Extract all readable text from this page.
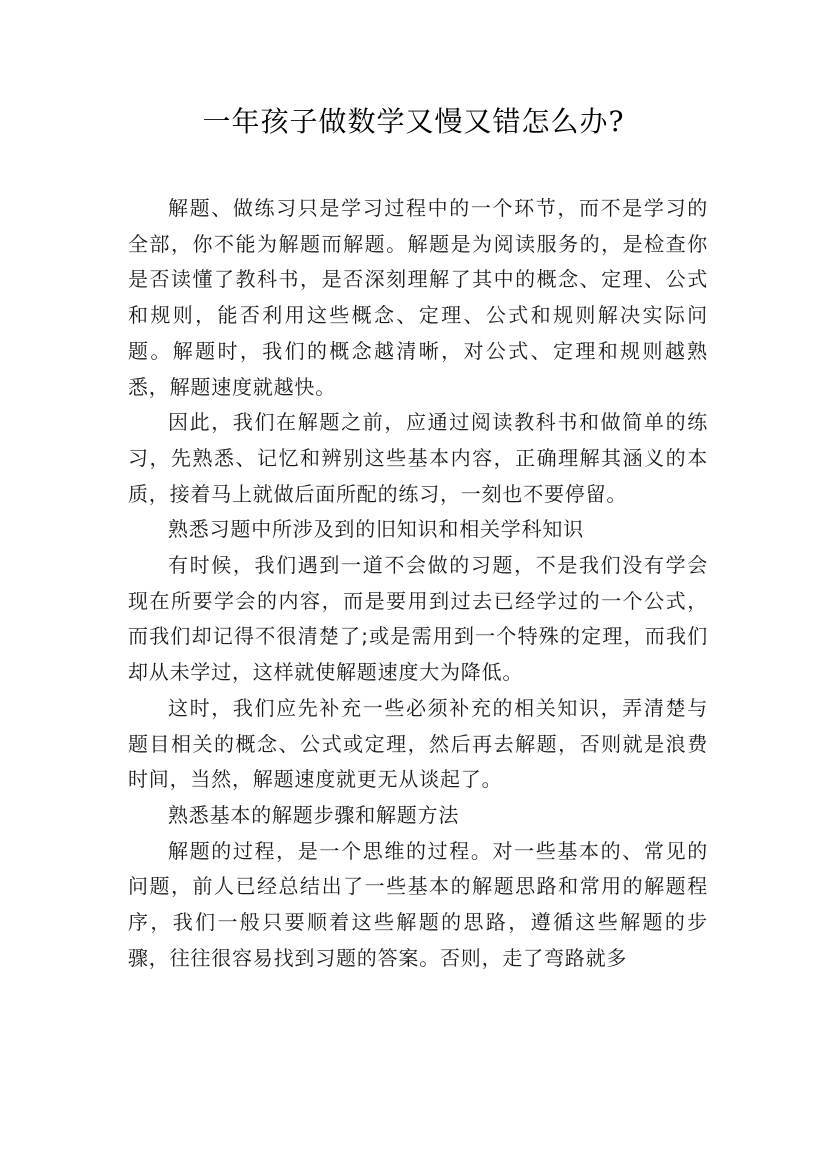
一年孩子做数学又慢又错怎么办?

解题、做练习只是学习过程中的一个环节，而不是学习的全部，你不能为解题而解题。解题是为阅读服务的，是检查你是否读懂了教科书，是否深刻理解了其中的概念、定理、公式和规则，能否利用这些概念、定理、公式和规则解决实际问题。解题时，我们的概念越清晰，对公式、定理和规则越熟悉，解题速度就越快。

因此，我们在解题之前，应通过阅读教科书和做简单的练习，先熟悉、记忆和辨别这些基本内容，正确理解其涵义的本质，接着马上就做后面所配的练习，一刻也不要停留。

熟悉习题中所涉及到的旧知识和相关学科知识

有时候，我们遇到一道不会做的习题，不是我们没有学会现在所要学会的内容，而是要用到过去已经学过的一个公式，而我们却记得不很清楚了;或是需用到一个特殊的定理，而我们却从未学过，这样就使解题速度大为降低。

这时，我们应先补充一些必须补充的相关知识，弄清楚与题目相关的概念、公式或定理，然后再去解题，否则就是浪费时间，当然，解题速度就更无从谈起了。

熟悉基本的解题步骤和解题方法

解题的过程，是一个思维的过程。对一些基本的、常见的问题，前人已经总结出了一些基本的解题思路和常用的解题程序，我们一般只要顺着这些解题的思路，遵循这些解题的步骤，往往很容易找到习题的答案。否则，走了弯路就多
